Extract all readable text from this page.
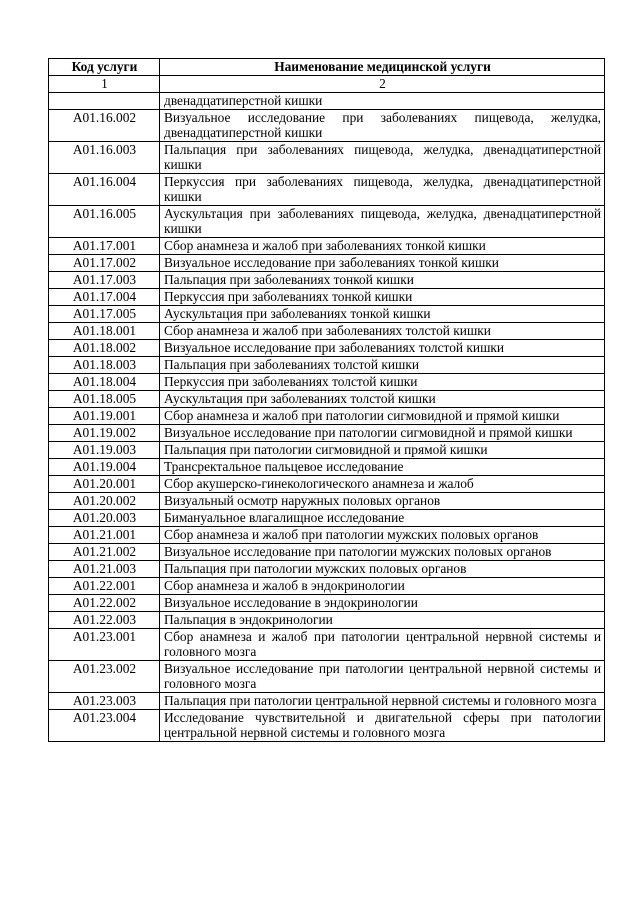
Код услуги	Наименование медицинской услуги
1	2
	двенадцатиперстной кишки
A01.16.002	Визуальное исследование при заболеваниях пищевода, желудка, двенадцатиперстной кишки
A01.16.003	Пальпация при заболеваниях пищевода, желудка, двенадцатиперстной кишки
A01.16.004	Перкуссия при заболеваниях пищевода, желудка, двенадцатиперстной кишки
A01.16.005	Аускультация при заболеваниях пищевода, желудка, двенадцатиперстной кишки
A01.17.001	Сбор анамнеза и жалоб при заболеваниях тонкой кишки
A01.17.002	Визуальное исследование при заболеваниях тонкой кишки
A01.17.003	Пальпация при заболеваниях тонкой кишки
A01.17.004	Перкуссия при заболеваниях тонкой кишки
A01.17.005	Аускультация при заболеваниях тонкой кишки
A01.18.001	Сбор анамнеза и жалоб при заболеваниях толстой кишки
A01.18.002	Визуальное исследование при заболеваниях толстой кишки
A01.18.003	Пальпация при заболеваниях толстой кишки
A01.18.004	Перкуссия при заболеваниях толстой кишки
A01.18.005	Аускультация при заболеваниях толстой кишки
A01.19.001	Сбор анамнеза и жалоб при патологии сигмовидной и прямой кишки
A01.19.002	Визуальное исследование при патологии сигмовидной и прямой кишки
A01.19.003	Пальпация при патологии сигмовидной и прямой кишки
A01.19.004	Трансректальное пальцевое исследование
A01.20.001	Сбор акушерско-гинекологического анамнеза и жалоб
A01.20.002	Визуальный осмотр наружных половых органов
A01.20.003	Бимануальное влагалищное исследование
A01.21.001	Сбор анамнеза и жалоб при патологии мужских половых органов
A01.21.002	Визуальное исследование при патологии мужских половых органов
A01.21.003	Пальпация при патологии мужских половых органов
A01.22.001	Сбор анамнеза и жалоб в эндокринологии
A01.22.002	Визуальное исследование в эндокринологии
A01.22.003	Пальпация в эндокринологии
A01.23.001	Сбор анамнеза и жалоб при патологии центральной нервной системы и головного мозга
A01.23.002	Визуальное исследование при патологии центральной нервной системы и головного мозга
A01.23.003	Пальпация при патологии центральной нервной системы и головного мозга
A01.23.004	Исследование чувствительной и двигательной сферы при патологии центральной нервной системы и головного мозга
